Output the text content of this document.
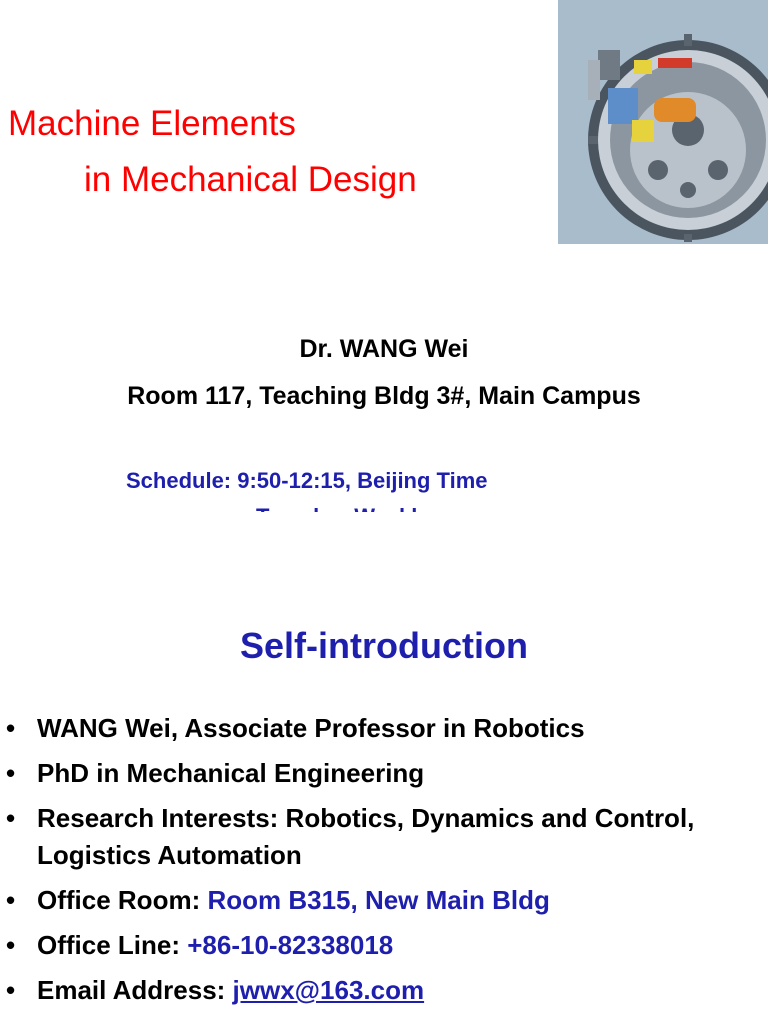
Machine Elements
in Mechanical Design
Dr. WANG Wei
Room 117, Teaching Bldg 3#, Main Campus
Schedule: 9:50-12:15, Beijing Time
Self-introduction
• WANG Wei, Associate Professor in Robotics
• PhD in Mechanical Engineering
• Research Interests: Robotics, Dynamics and Control, Logistics Automation
• Office Room: Room B315, New Main Bldg
• Office Line: +86-10-82338018
• Email Address: jwwx@163.com
